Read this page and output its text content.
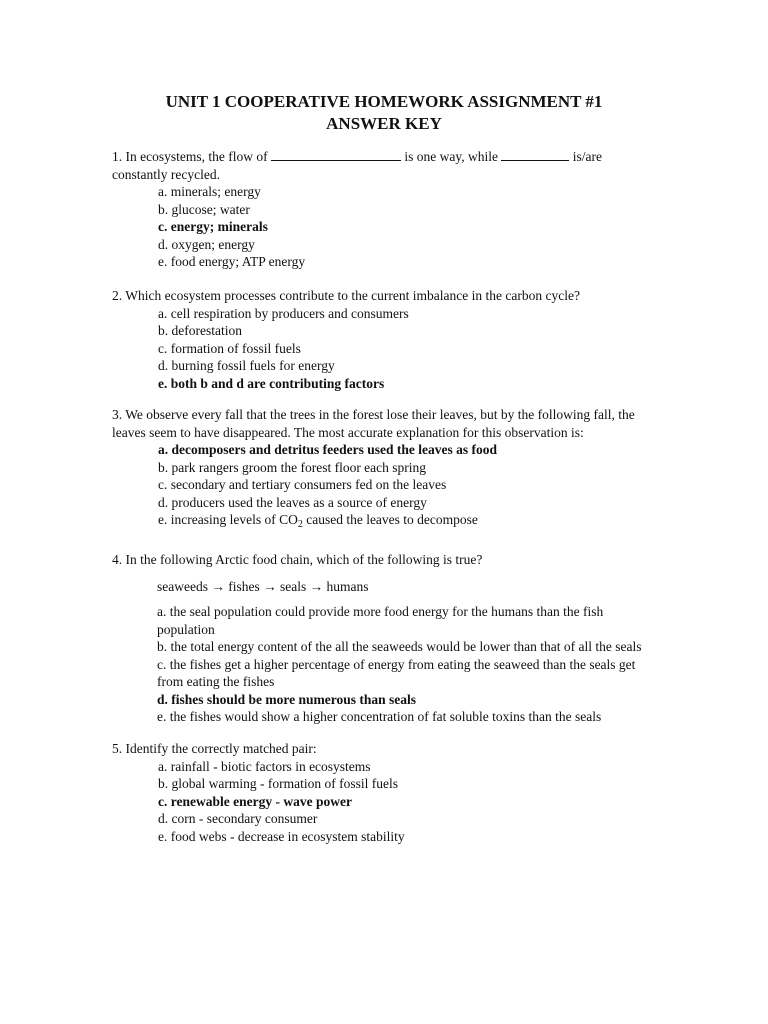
UNIT 1 COOPERATIVE HOMEWORK ASSIGNMENT #1
ANSWER KEY

1. In ecosystems, the flow of	is one way, while	is/are constantly recycled.

a. minerals; energy
b. glucose; water
c. energy; minerals
d. oxygen; energy
e. food energy; ATP energy

2. Which ecosystem processes contribute to the current imbalance in the carbon cycle?

a. cell respiration by producers and consumers
b. deforestation
c. formation of fossil fuels
d. burning fossil fuels for energy
e. both b and d are contributing factors

3. We observe every fall that the trees in the forest lose their leaves, but by the following fall, the leaves seem to have disappeared. The most accurate explanation for this observation is:

a. decomposers and detritus feeders used the leaves as food
b. park rangers groom the forest floor each spring
c. secondary and tertiary consumers fed on the leaves
d. producers used the leaves as a source of energy
e. increasing levels of $CO_2$ caused the leaves to decompose

4. In the following Arctic food chain, which of the following is true?

seaweeds → fishes → seals → humans

a. the seal population could provide more food energy for the humans than the fish population
b. the total energy content of the all the seaweeds would be lower than that of all the seals
c. the fishes get a higher percentage of energy from eating the seaweed than the seals get from eating the fishes
d. fishes should be more numerous than seals
e. the fishes would show a higher concentration of fat soluble toxins than the seals

5. Identify the correctly matched pair:

a. rainfall - biotic factors in ecosystems
b. global warming - formation of fossil fuels
c. renewable energy - wave power
d. corn - secondary consumer
e. food webs - decrease in ecosystem stability
